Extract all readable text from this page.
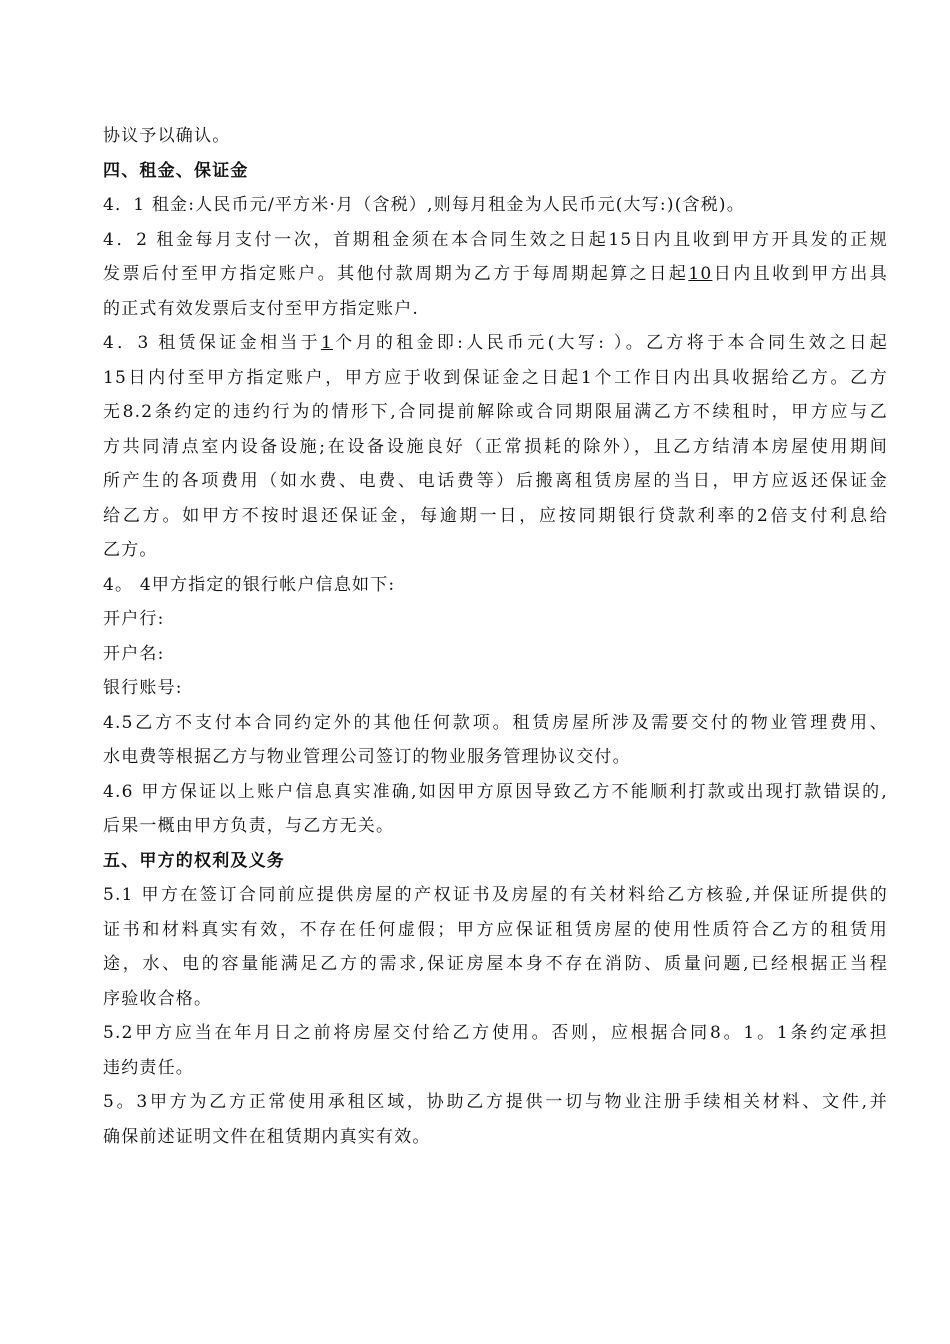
协议予以确认。
四、租金、保证金
4．1 租金:人民币元/平方米·月（含税）,则每月租金为人民币元(大写:)(含税)。
4．2 租金每月支付一次，首期租金须在本合同生效之日起15日内且收到甲方开具发的正规
发票后付至甲方指定账户。其他付款周期为乙方于每周期起算之日起10日内且收到甲方出具
的正式有效发票后支付至甲方指定账户.
4．3 租赁保证金相当于1个月的租金即:人民币元(大写: ）。乙方将于本合同生效之日起
15日内付至甲方指定账户，甲方应于收到保证金之日起1个工作日内出具收据给乙方。乙方
无8.2条约定的违约行为的情形下,合同提前解除或合同期限届满乙方不续租时，甲方应与乙
方共同清点室内设备设施;在设备设施良好（正常损耗的除外），且乙方结清本房屋使用期间
所产生的各项费用（如水费、电费、电话费等）后搬离租赁房屋的当日，甲方应返还保证金
给乙方。如甲方不按时退还保证金，每逾期一日，应按同期银行贷款利率的2倍支付利息给
乙方。
4。 4甲方指定的银行帐户信息如下:
开户行:
开户名:
银行账号:
4.5乙方不支付本合同约定外的其他任何款项。租赁房屋所涉及需要交付的物业管理费用、
水电费等根据乙方与物业管理公司签订的物业服务管理协议交付。
4.6 甲方保证以上账户信息真实准确,如因甲方原因导致乙方不能顺利打款或出现打款错误的,
后果一概由甲方负责，与乙方无关。
五、甲方的权利及义务
5.1 甲方在签订合同前应提供房屋的产权证书及房屋的有关材料给乙方核验,并保证所提供的
证书和材料真实有效，不存在任何虚假；甲方应保证租赁房屋的使用性质符合乙方的租赁用
途，水、电的容量能满足乙方的需求,保证房屋本身不存在消防、质量问题,已经根据正当程
序验收合格。
5.2甲方应当在年月日之前将房屋交付给乙方使用。否则，应根据合同8。1。1条约定承担
违约责任。
5。3甲方为乙方正常使用承租区域，协助乙方提供一切与物业注册手续相关材料、文件,并
确保前述证明文件在租赁期内真实有效。
